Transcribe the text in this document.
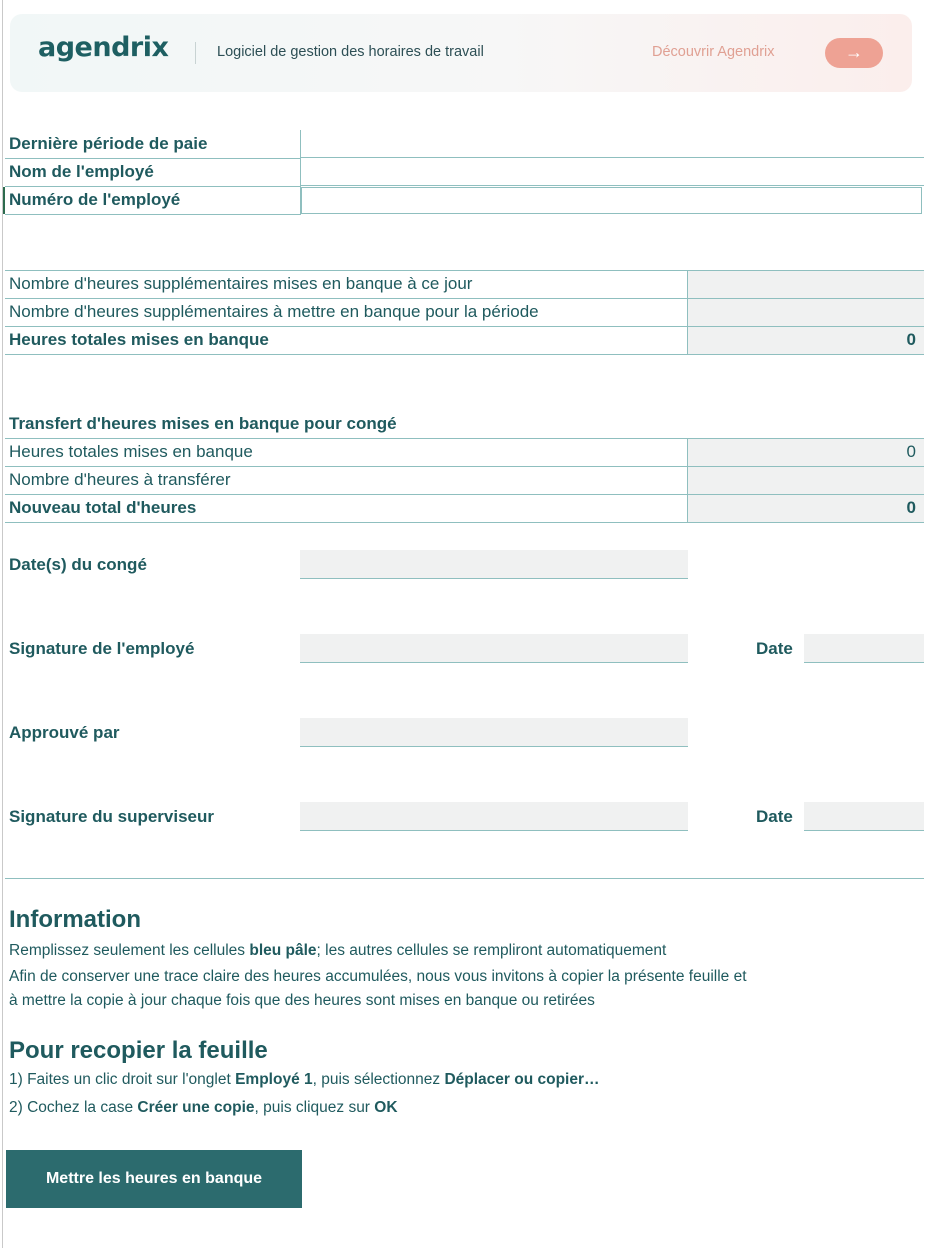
agendrix	Logiciel de gestion des horaires de travail	Découvrir Agendrix	→
Dernière période de paie
Nom de l'employé
Numéro de l'employé
Nombre d'heures supplémentaires mises en banque à ce jour
Nombre d'heures supplémentaires à mettre en banque pour la période
Heures totales mises en banque	0
Transfert d'heures mises en banque pour congé
Heures totales mises en banque	0
Nombre d'heures à transférer
Nouveau total d'heures	0
Date(s) du congé
Signature de l'employé	Date
Approuvé par
Signature du superviseur	Date
Information
Remplissez seulement les cellules bleu pâle; les autres cellules se rempliront automatiquement
Afin de conserver une trace claire des heures accumulées, nous vous invitons à copier la présente feuille et
à mettre la copie à jour chaque fois que des heures sont mises en banque ou retirées
Pour recopier la feuille
1) Faites un clic droit sur l'onglet Employé 1, puis sélectionnez Déplacer ou copier…
2) Cochez la case Créer une copie, puis cliquez sur OK
Mettre les heures en banque
